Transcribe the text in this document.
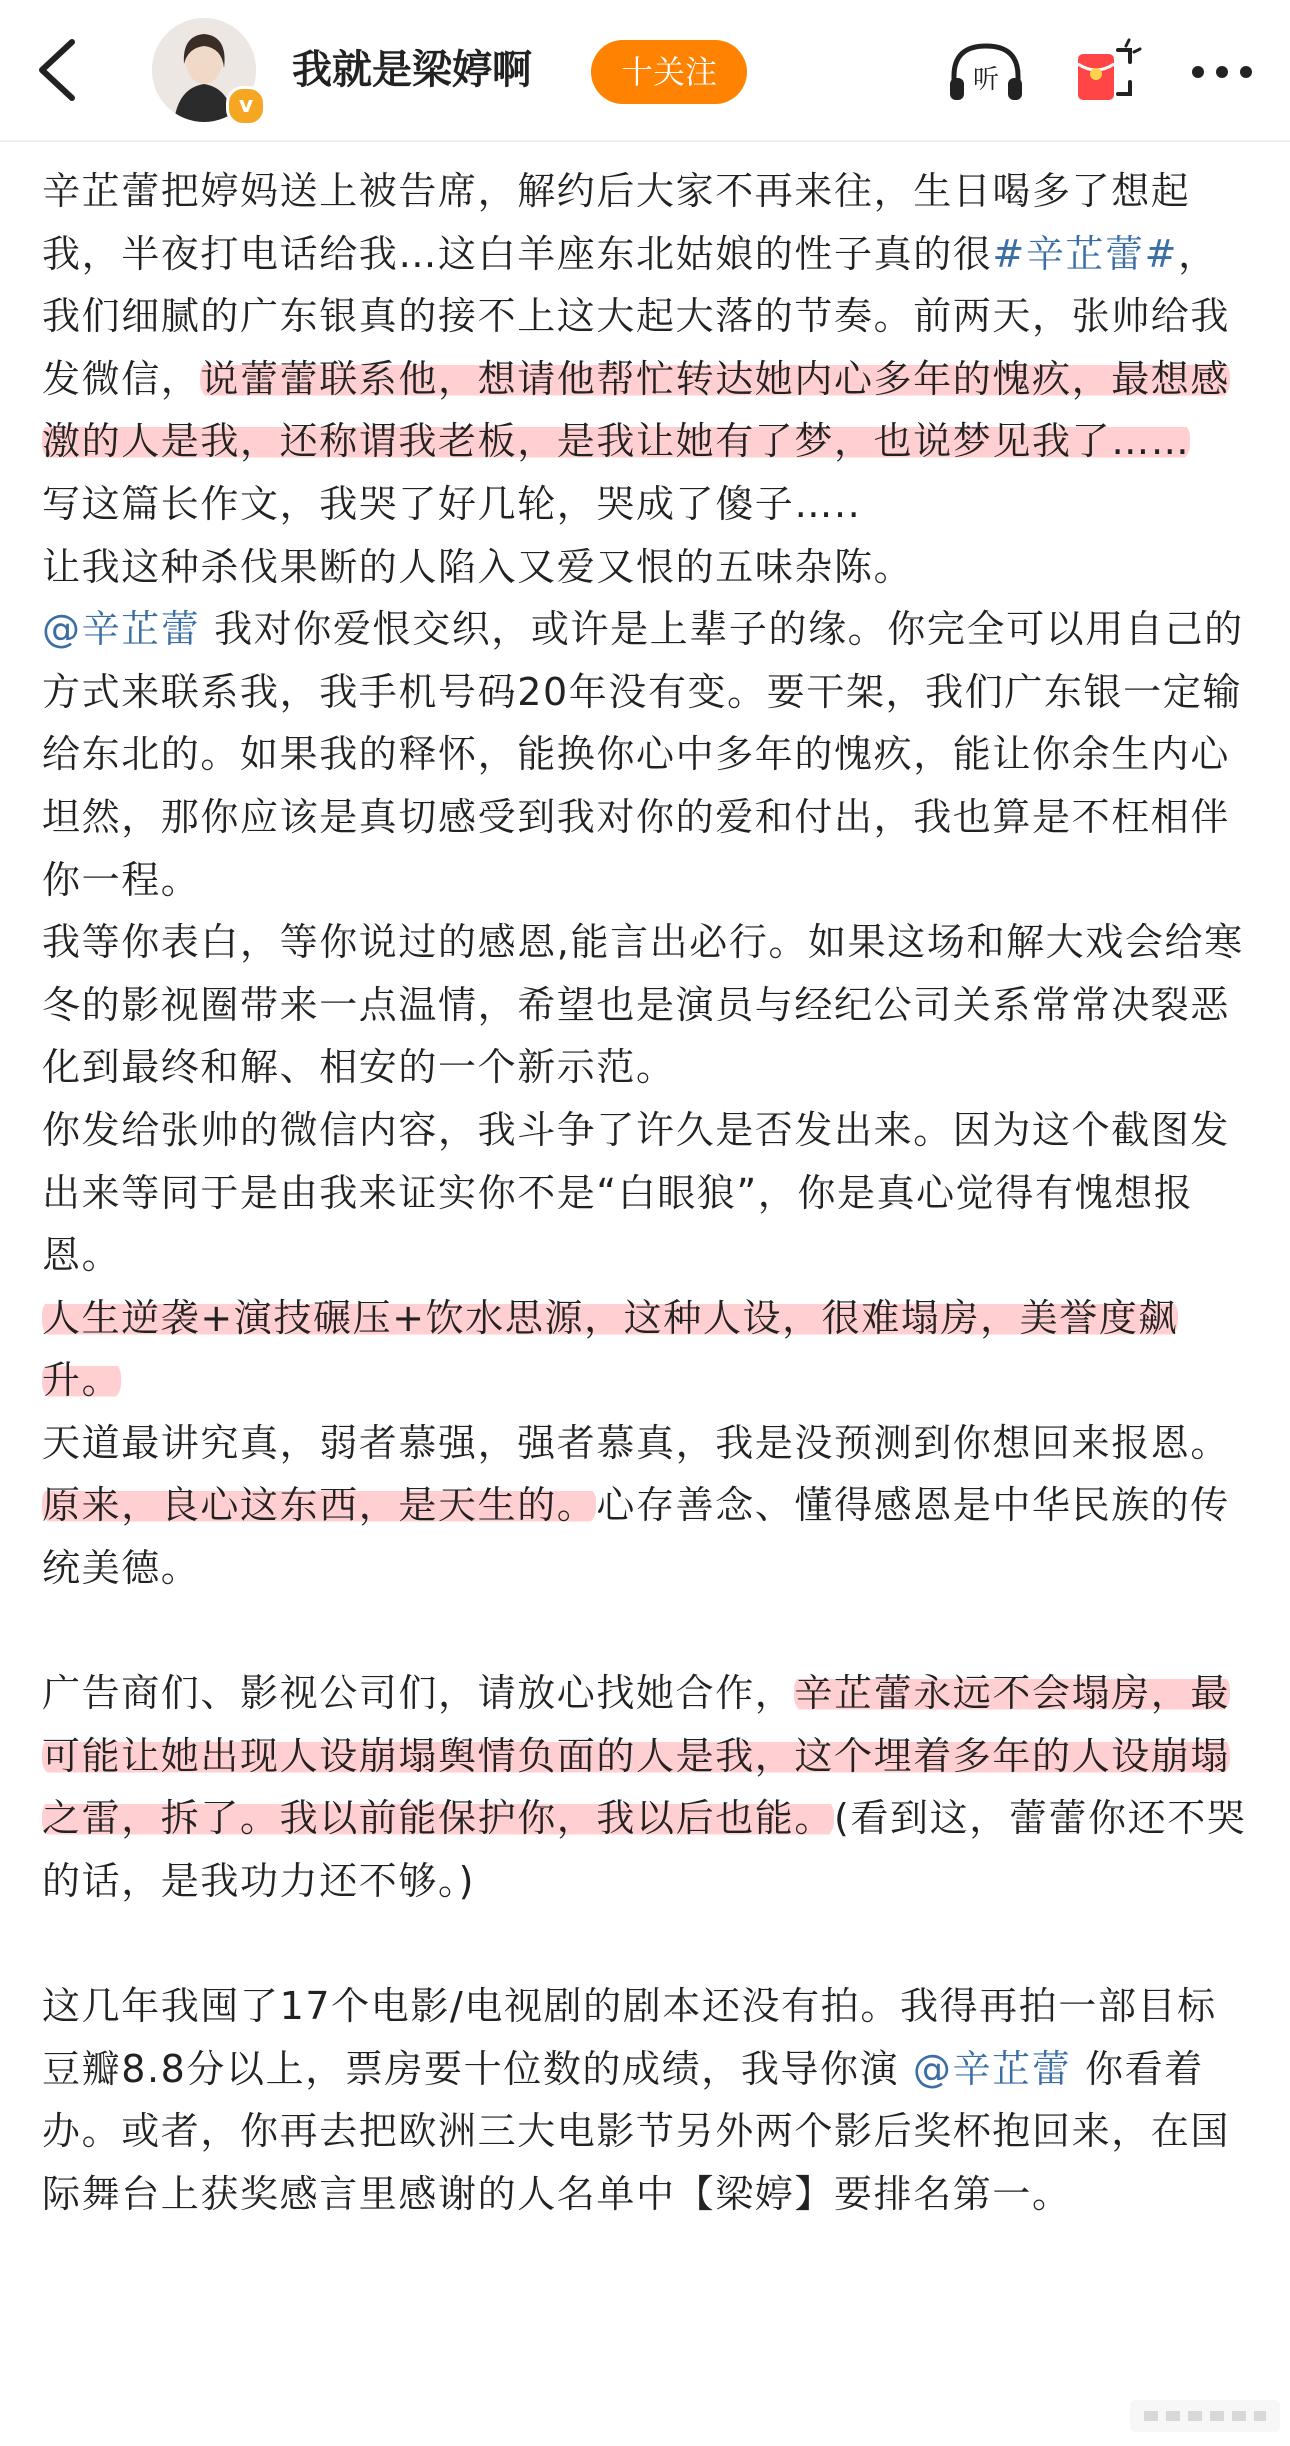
v
我就是梁婷啊	十关注	听

辛芷蕾把婷妈送上被告席，解约后大家不再来往，生日喝多了想起我，半夜打电话给我…这白羊座东北姑娘的性子真的很#辛芷蕾#，我们细腻的广东银真的接不上这大起大落的节奏。前两天，张帅给我发微信，说蕾蕾联系他，想请他帮忙转达她内心多年的愧疚，最想感激的人是我，还称谓我老板，是我让她有了梦，也说梦见我了……

写这篇长作文，我哭了好几轮，哭成了傻子…..

让我这种杀伐果断的人陷入又爱又恨的五味杂陈。

@辛芷蕾 我对你爱恨交织，或许是上辈子的缘。你完全可以用自己的方式来联系我，我手机号码20年没有变。要干架，我们广东银一定输给东北的。如果我的释怀，能换你心中多年的愧疚，能让你余生内心坦然，那你应该是真切感受到我对你的爱和付出，我也算是不枉相伴你一程。

我等你表白，等你说过的感恩,能言出必行。如果这场和解大戏会给寒冬的影视圈带来一点温情，希望也是演员与经纪公司关系常常决裂恶化到最终和解、相安的一个新示范。

你发给张帅的微信内容，我斗争了许久是否发出来。因为这个截图发出来等同于是由我来证实你不是“白眼狼”，你是真心觉得有愧想报恩。

人生逆袭+演技碾压+饮水思源，这种人设，很难塌房，美誉度飙升。

天道最讲究真，弱者慕强，强者慕真，我是没预测到你想回来报恩。

原来，良心这东西，是天生的。心存善念、懂得感恩是中华民族的传统美德。

广告商们、影视公司们，请放心找她合作，辛芷蕾永远不会塌房，最可能让她出现人设崩塌舆情负面的人是我，这个埋着多年的人设崩塌之雷，拆了。我以前能保护你，我以后也能。(看到这，蕾蕾你还不哭的话，是我功力还不够。)

这几年我囤了17个电影/电视剧的剧本还没有拍。我得再拍一部目标豆瓣8.8分以上，票房要十位数的成绩，我导你演 @辛芷蕾 你看着办。或者，你再去把欧洲三大电影节另外两个影后奖杯抱回来，在国际舞台上获奖感言里感谢的人名单中【梁婷】要排名第一。
